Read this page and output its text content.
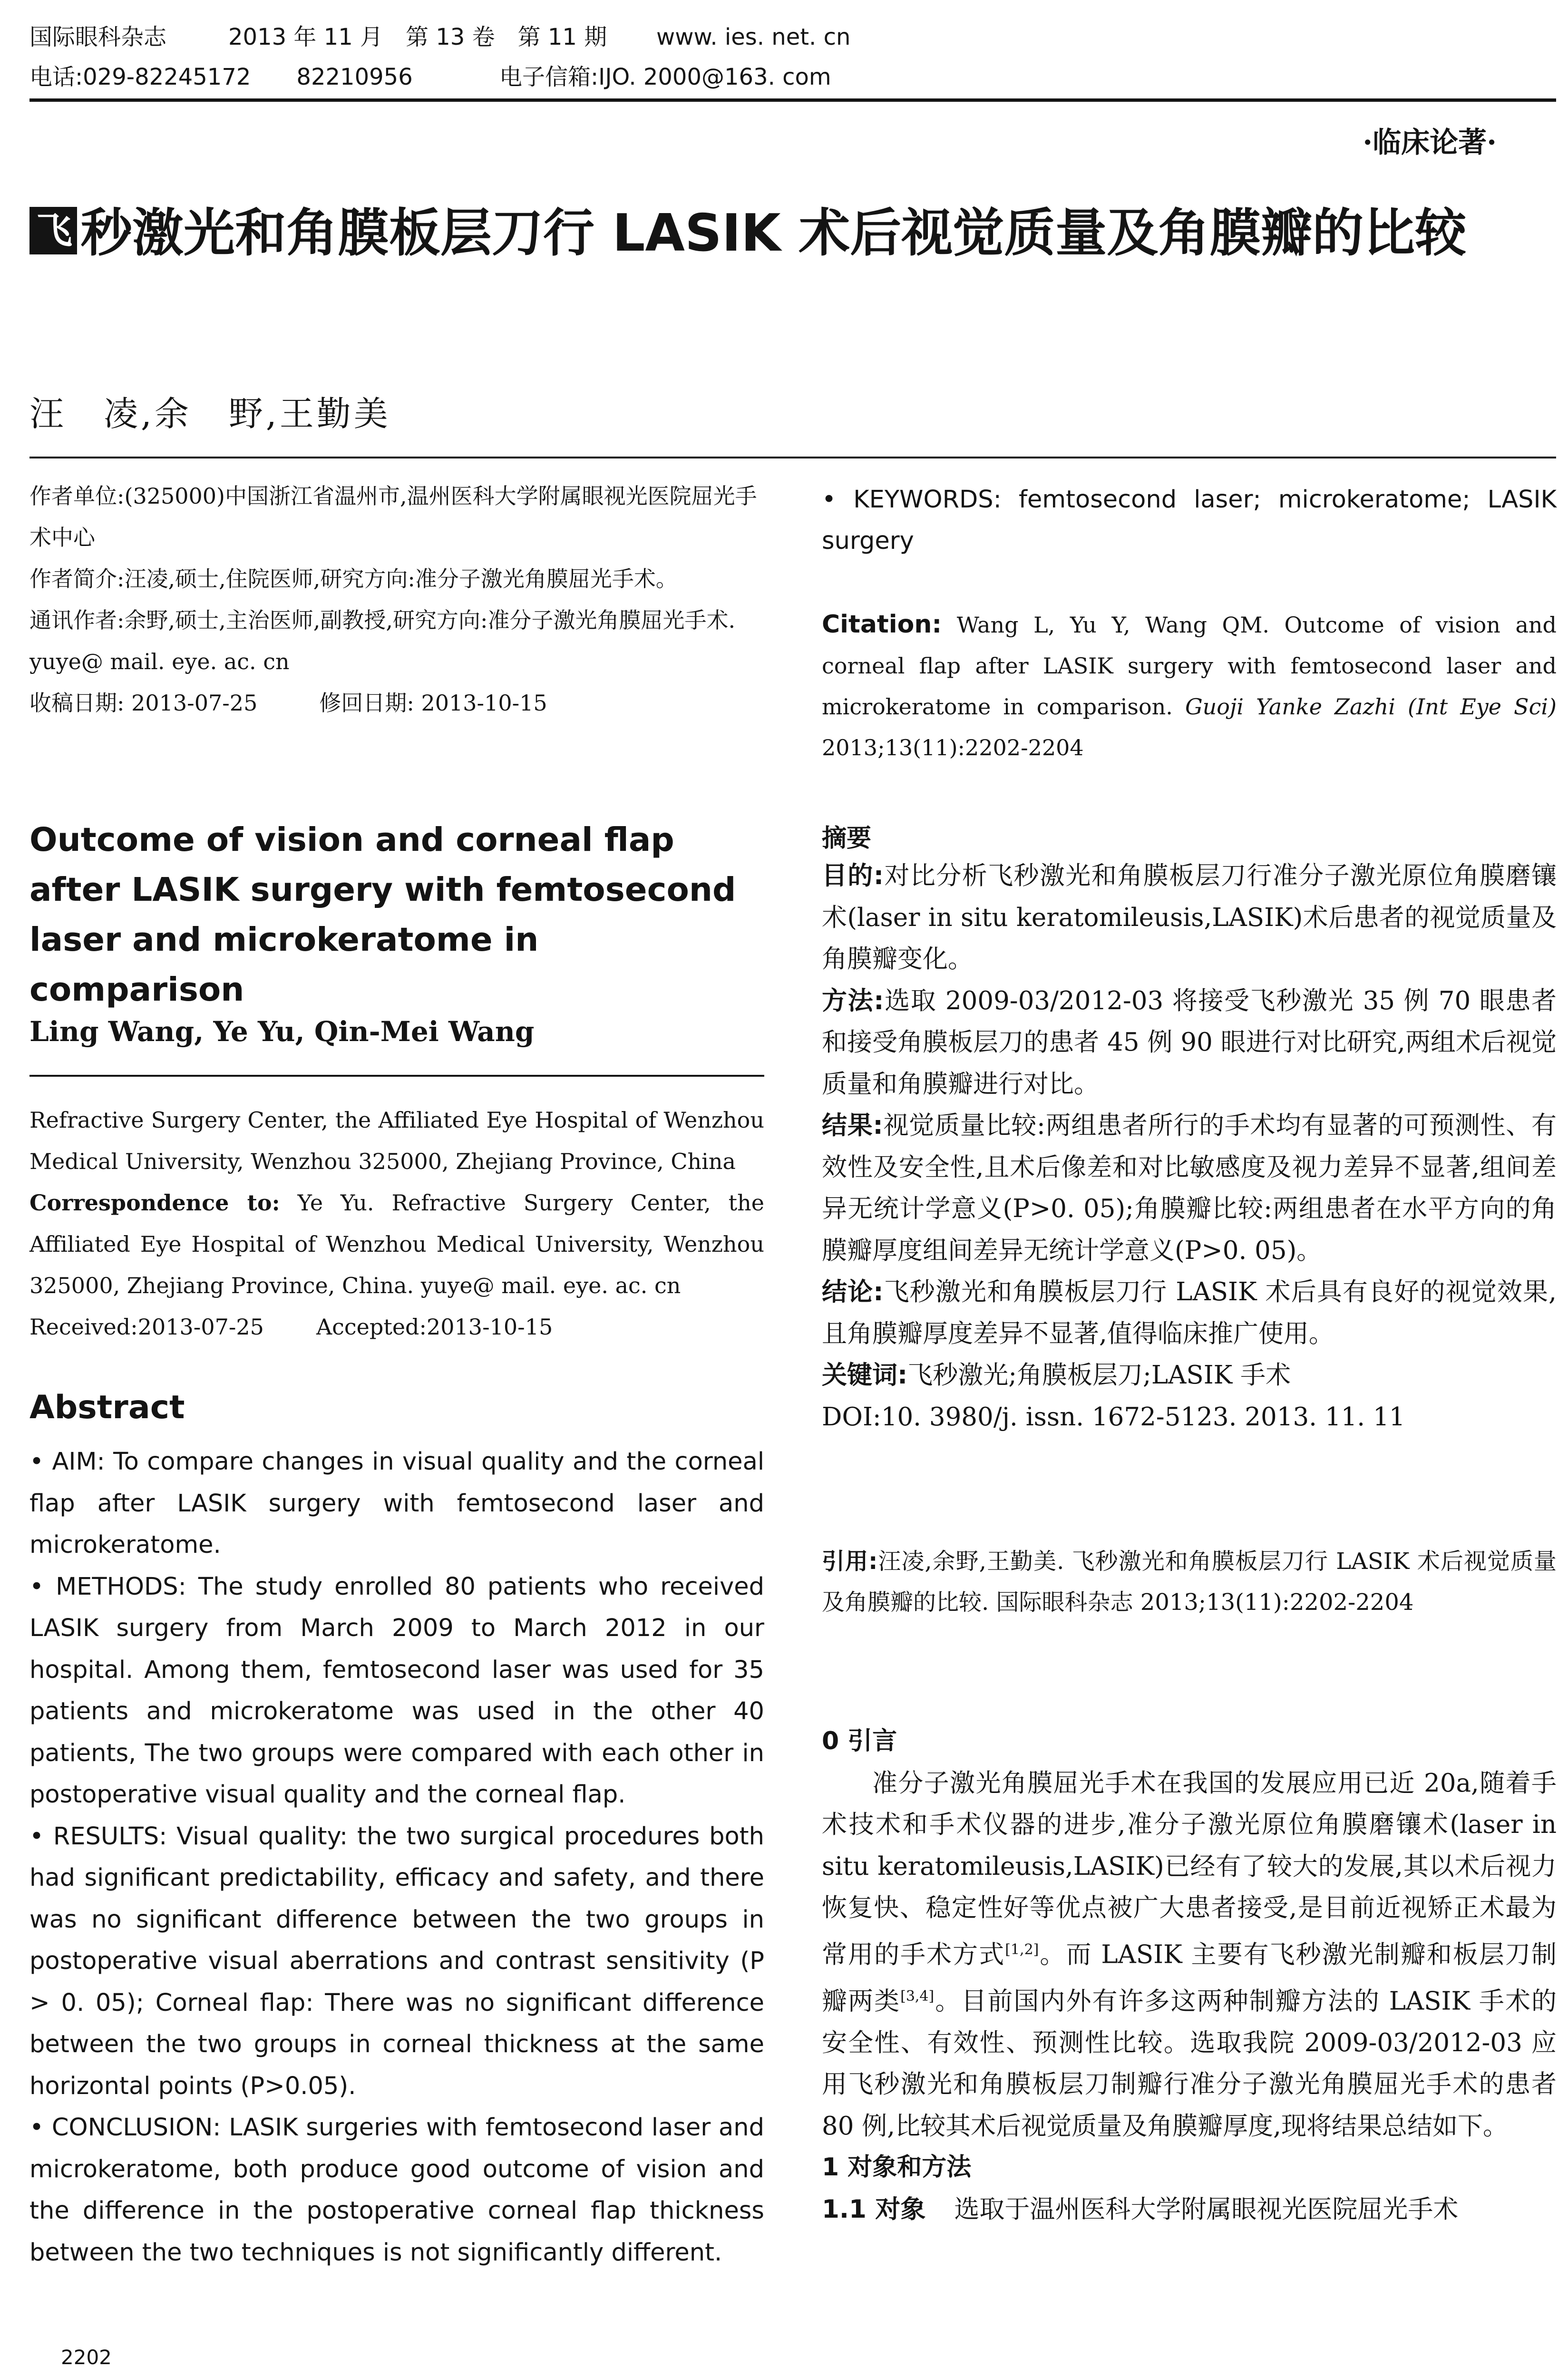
国际眼科杂志	2013 年 11 月　第 13 卷　第 11 期 www. ies. net. cn
电话:029-82245172　　82210956	电子信箱:IJO. 2000@163. com
·临床论著·
飞 秒激光和角膜板层刀行 LASIK 术后视觉质量及角膜瓣的比较
汪　凌,余　野,王勤美

作者单位:(325000)中国浙江省温州市,温州医科大学附属眼视光医院屈光手术中心

作者简介:汪凌,硕士,住院医师,研究方向:准分子激光角膜屈光手术。

通讯作者:余野,硕士,主治医师,副教授,研究方向:准分子激光角膜屈光手术. yuye@ mail. eye. ac. cn

收稿日期: 2013-07-25	修回日期: 2013-10-15

Outcome of vision and corneal flap after LASIK surgery with femtosecond laser and microkeratome in comparison
Ling Wang, Ye Yu, Qin-Mei Wang

Refractive Surgery Center, the Affiliated Eye Hospital of Wenzhou Medical University, Wenzhou 325000, Zhejiang Province, China

Correspondence to: Ye Yu. Refractive Surgery Center, the Affiliated Eye Hospital of Wenzhou Medical University, Wenzhou 325000, Zhejiang Province, China. yuye@ mail. eye. ac. cn

Received:2013-07-25 Accepted:2013-10-15

Abstract

• AIM: To compare changes in visual quality and the corneal flap after LASIK surgery with femtosecond laser and microkeratome.

• METHODS: The study enrolled 80 patients who received LASIK surgery from March 2009 to March 2012 in our hospital. Among them, femtosecond laser was used for 35 patients and microkeratome was used in the other 40 patients, The two groups were compared with each other in postoperative visual quality and the corneal flap.

• RESULTS: Visual quality: the two surgical procedures both had significant predictability, efficacy and safety, and there was no significant difference between the two groups in postoperative visual aberrations and contrast sensitivity (P > 0. 05); Corneal flap: There was no significant difference between the two groups in corneal thickness at the same horizontal points (P>0.05).

• CONCLUSION: LASIK surgeries with femtosecond laser and microkeratome, both produce good outcome of vision and the difference in the postoperative corneal flap thickness between the two techniques is not significantly different.

2202
• KEYWORDS: femtosecond laser; microkeratome; LASIK surgery
Citation: Wang L, Yu Y, Wang QM. Outcome of vision and corneal flap after LASIK surgery with femtosecond laser and microkeratome in comparison. Guoji Yanke Zazhi (Int Eye Sci) 2013;13(11):2202-2204
摘要

目的:对比分析飞秒激光和角膜板层刀行准分子激光原位角膜磨镶术(laser in situ keratomileusis,LASIK)术后患者的视觉质量及角膜瓣变化。

方法:选取 2009-03/2012-03 将接受飞秒激光 35 例 70 眼患者和接受角膜板层刀的患者 45 例 90 眼进行对比研究,两组术后视觉质量和角膜瓣进行对比。

结果:视觉质量比较:两组患者所行的手术均有显著的可预测性、有效性及安全性,且术后像差和对比敏感度及视力差异不显著,组间差异无统计学意义(P>0. 05);角膜瓣比较:两组患者在水平方向的角膜瓣厚度组间差异无统计学意义(P>0. 05)。

结论:飞秒激光和角膜板层刀行 LASIK 术后具有良好的视觉效果,且角膜瓣厚度差异不显著,值得临床推广使用。

关键词:飞秒激光;角膜板层刀;LASIK 手术

DOI:10. 3980/j. issn. 1672-5123. 2013. 11. 11

引用:汪凌,余野,王勤美. 飞秒激光和角膜板层刀行 LASIK 术后视觉质量及角膜瓣的比较. 国际眼科杂志 2013;13(11):2202-2204

0 引言

准分子激光角膜屈光手术在我国的发展应用已近 20a,随着手术技术和手术仪器的进步,准分子激光原位角膜磨镶术(laser in situ keratomileusis,LASIK)已经有了较大的发展,其以术后视力恢复快、稳定性好等优点被广大患者接受,是目前近视矫正术最为常用的手术方式[1,2]。而 LASIK 主要有飞秒激光制瓣和板层刀制瓣两类[3,4]。目前国内外有许多这两种制瓣方法的 LASIK 手术的安全性、有效性、预测性比较。选取我院 2009-03/2012-03 应用飞秒激光和角膜板层刀制瓣行准分子激光角膜屈光手术的患者 80 例,比较其术后视觉质量及角膜瓣厚度,现将结果总结如下。

1 对象和方法

1.1 对象 选取于温州医科大学附属眼视光医院屈光手术
